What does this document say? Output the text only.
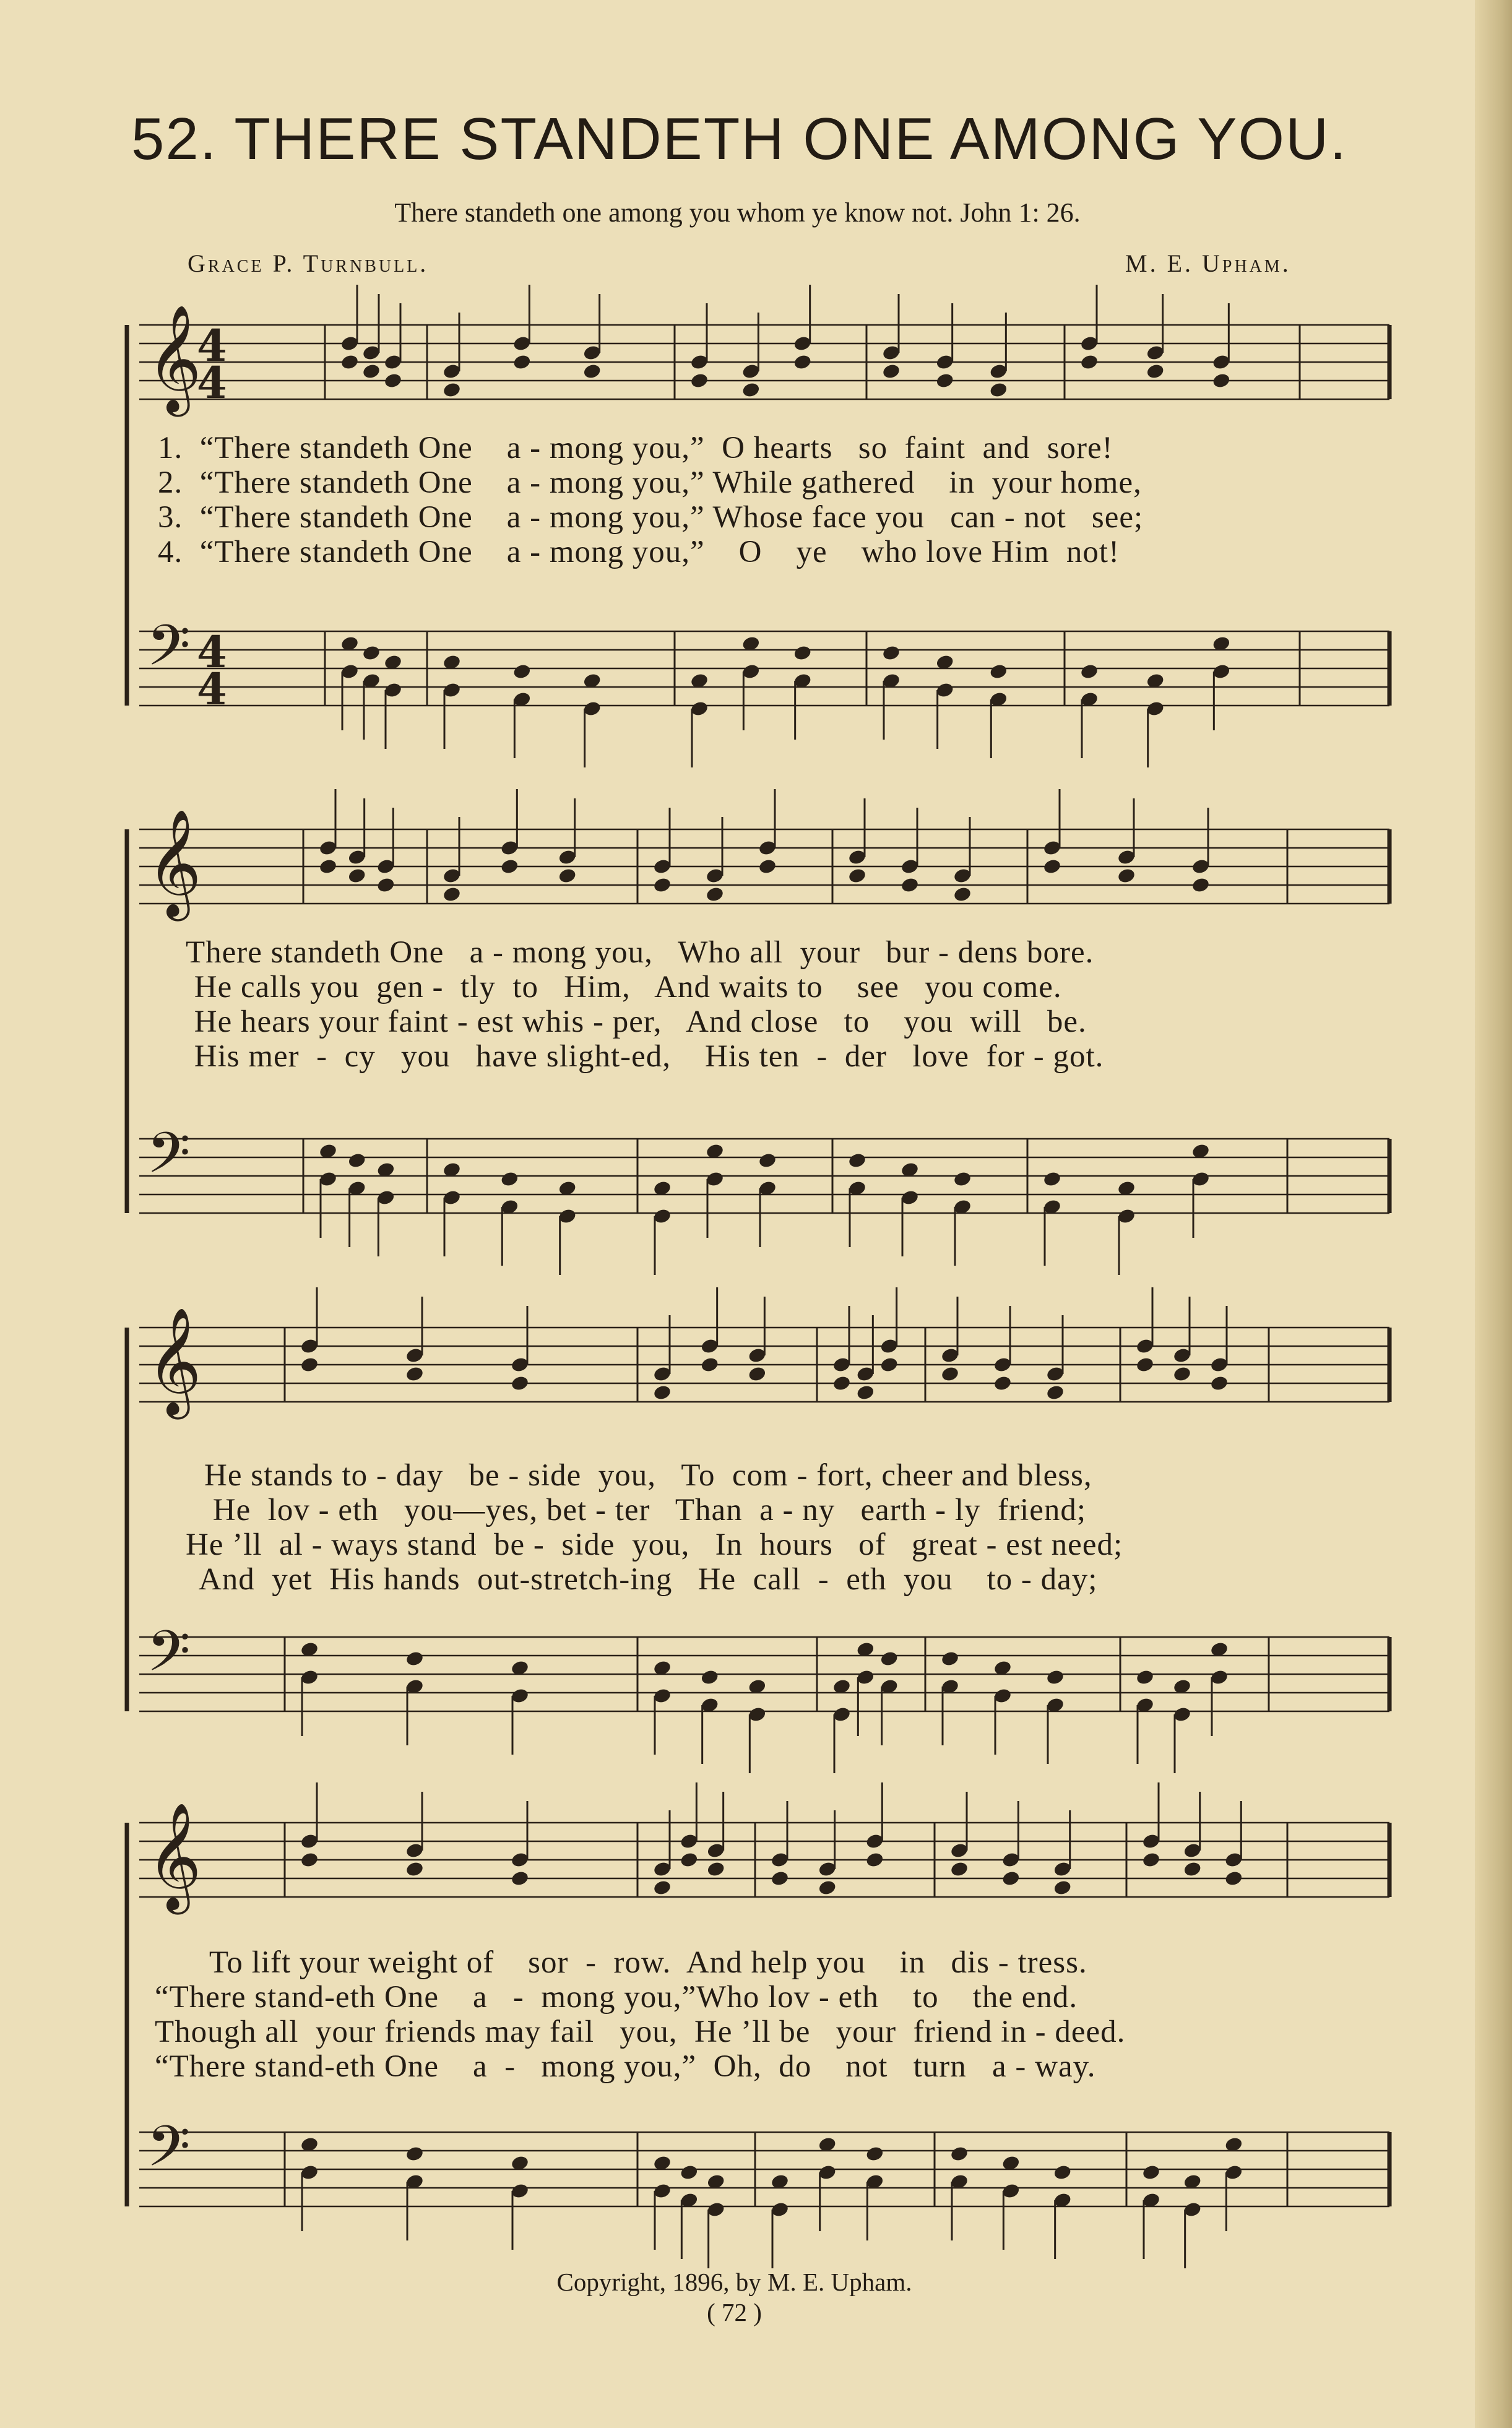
52. THERE STANDETH ONE AMONG YOU.
There standeth one among you whom ye know not. John 1: 26.
Grace P. Turnbull.	M. E. Upham.
𝄞
𝄢
𝄞
𝄢
𝄞
𝄢
𝄞
𝄢
4
4
4
4
1.  “There standeth One    a - mong you,”  O hearts   so  faint  and  sore!
2.  “There standeth One    a - mong you,” While gathered    in  your home,
3.  “There standeth One    a - mong you,” Whose face you   can - not   see;
4.  “There standeth One    a - mong you,”    O    ye    who love Him  not!
There standeth One   a - mong you,   Who all  your   bur - dens bore.
He calls you  gen -  tly  to   Him,   And waits to    see   you come.
He hears your faint - est whis - per,   And close   to    you  will   be.
His mer  -  cy   you   have slight-ed,    His ten  -  der   love  for - got.
He stands to - day   be - side  you,   To  com - fort, cheer and bless,
He  lov - eth   you—yes, bet - ter   Than  a - ny   earth - ly  friend;
He ’ll  al - ways stand  be -  side  you,   In  hours   of   great - est need;
And  yet  His hands  out-stretch-ing   He  call  -  eth  you    to - day;
To lift your weight of    sor  -  row.  And help you    in   dis - tress.
“There stand-eth One    a   -  mong you,”Who lov - eth    to    the end.
Though all  your friends may fail   you,  He ’ll be   your  friend in - deed.
“There stand-eth One    a  -   mong you,”  Oh,  do    not   turn   a - way.
Copyright, 1896, by M. E. Upham.
( 72 )
